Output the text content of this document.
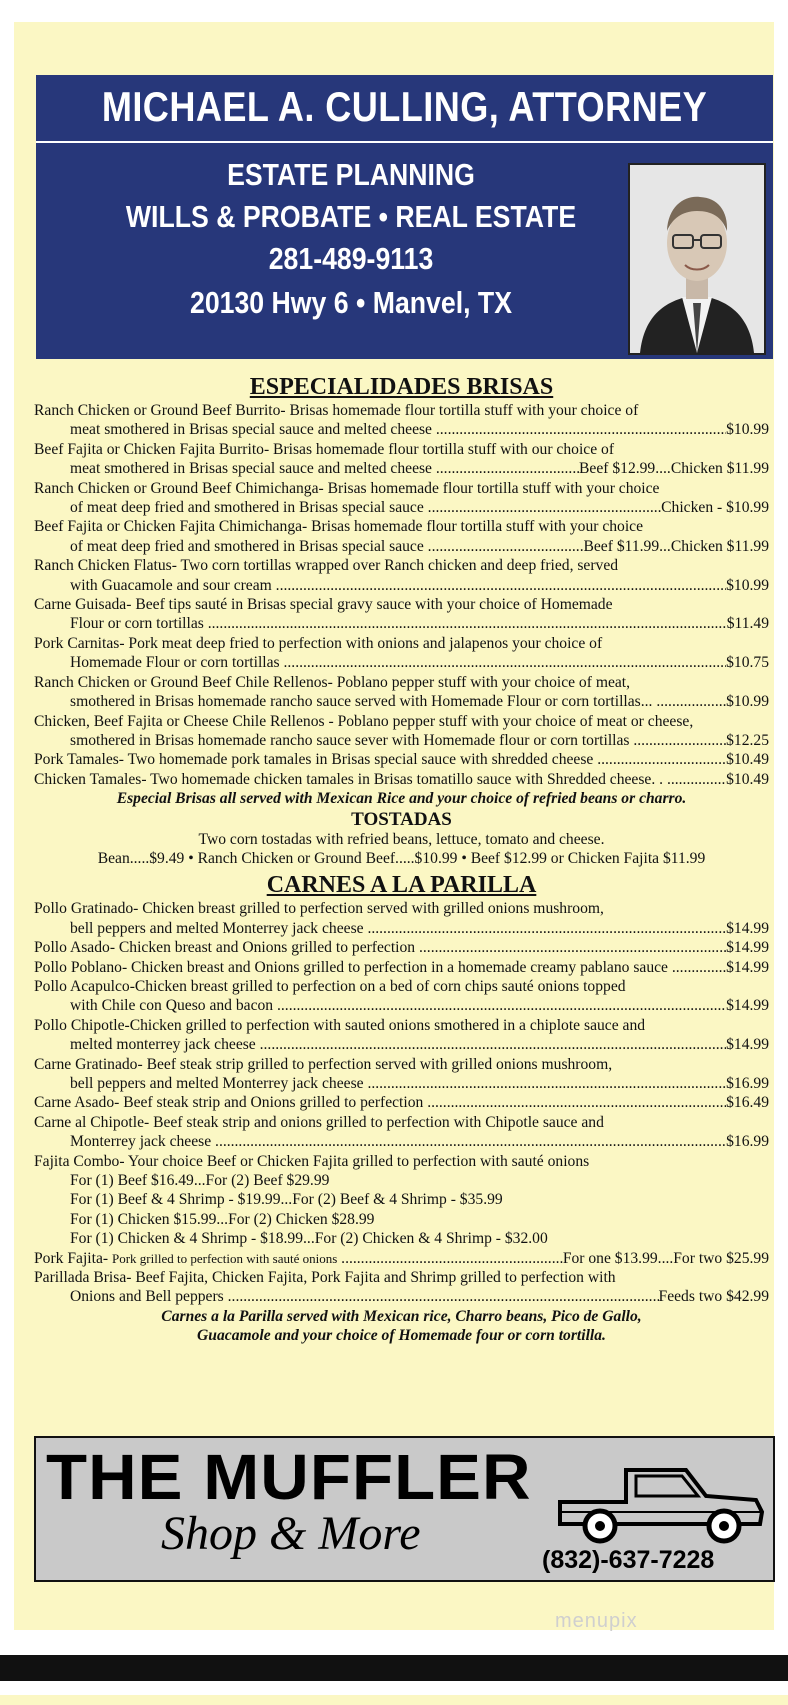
MICHAEL A. CULLING, ATTORNEY
ESTATE PLANNING
WILLS & PROBATE • REAL ESTATE
281-489-9113
20130 Hwy 6 • Manvel, TX
ESPECIALIDADES BRISAS
Ranch Chicken or Ground Beef Burrito- Brisas homemade flour tortilla stuff with your choice of
meat smothered in Brisas special sauce and melted cheese .....	$10.99
Beef Fajita or Chicken Fajita Burrito- Brisas homemade flour tortilla stuff with our choice of
meat smothered in Brisas special sauce and melted cheese .....	Beef $12.99....Chicken $11.99
Ranch Chicken or Ground Beef Chimichanga- Brisas homemade flour tortilla stuff with your choice
of meat deep fried and smothered in Brisas special sauce .....	Chicken - $10.99
Beef Fajita or Chicken Fajita Chimichanga- Brisas homemade flour tortilla stuff with your choice
of meat deep fried and smothered in Brisas special sauce .....	Beef $11.99...Chicken $11.99
Ranch Chicken Flatus- Two corn tortillas wrapped over Ranch chicken and deep fried, served
with Guacamole and sour cream .....	$10.99
Carne Guisada- Beef tips sauté in Brisas special gravy sauce with your choice of Homemade
Flour or corn tortillas .....	$11.49
Pork Carnitas- Pork meat deep fried to perfection with onions and jalapenos your choice of
Homemade Flour or corn tortillas .....	$10.75
Ranch Chicken or Ground Beef Chile Rellenos- Poblano pepper stuff with your choice of meat,
smothered in Brisas homemade rancho sauce served with Homemade Flour or corn tortillas... .....	$10.99
Chicken, Beef Fajita or Cheese Chile Rellenos - Poblano pepper stuff with your choice of meat or cheese,
smothered in Brisas homemade rancho sauce sever with Homemade flour or corn tortillas .....	$12.25
Pork Tamales- Two homemade pork tamales in Brisas special sauce with shredded cheese .....	$10.49
Chicken Tamales- Two homemade chicken tamales in Brisas tomatillo sauce with Shredded cheese. . .....	$10.49
Especial Brisas all served with Mexican Rice and your choice of refried beans or charro.
TOSTADAS
Two corn tostadas with refried beans, lettuce, tomato and cheese.
Bean.....$9.49 • Ranch Chicken or Ground Beef.....$10.99 • Beef $12.99 or Chicken Fajita $11.99
CARNES A LA PARILLA
Pollo Gratinado- Chicken breast grilled to perfection served with grilled onions mushroom,
bell peppers and melted Monterrey jack cheese .....	$14.99
Pollo Asado- Chicken breast and Onions grilled to perfection .....	$14.99
Pollo Poblano- Chicken breast and Onions grilled to perfection in a homemade creamy pablano sauce .....	$14.99
Pollo Acapulco-Chicken breast grilled to perfection on a bed of corn chips sauté onions topped
with Chile con Queso and bacon .....	$14.99
Pollo Chipotle-Chicken grilled to perfection with sauted onions smothered in a chiplote sauce and
melted monterrey jack cheese .....	$14.99
Carne Gratinado- Beef steak strip grilled to perfection served with grilled onions mushroom,
bell peppers and melted Monterrey jack cheese .....	$16.99
Carne Asado- Beef steak strip and Onions grilled to perfection .....	$16.49
Carne al Chipotle- Beef steak strip and onions grilled to perfection with Chipotle sauce and
Monterrey jack cheese .....	$16.99
Fajita Combo- Your choice Beef or Chicken Fajita grilled to perfection with sauté onions
For (1) Beef $16.49...For (2) Beef $29.99
For (1) Beef & 4 Shrimp - $19.99...For (2) Beef & 4 Shrimp - $35.99
For (1) Chicken $15.99...For (2) Chicken $28.99
For (1) Chicken & 4 Shrimp - $18.99...For (2) Chicken & 4 Shrimp - $32.00
Pork Fajita- Pork grilled to perfection with sauté onions .....	For one $13.99....For two $25.99
Parillada Brisa- Beef Fajita, Chicken Fajita, Pork Fajita and Shrimp grilled to perfection with
Onions and Bell peppers .....	Feeds two $42.99
Carnes a la Parilla served with Mexican rice, Charro beans, Pico de Gallo,
Guacamole and your choice of Homemade four or corn tortilla.
THE MUFFLER
Shop & More	(832)-637-7228
menupix
